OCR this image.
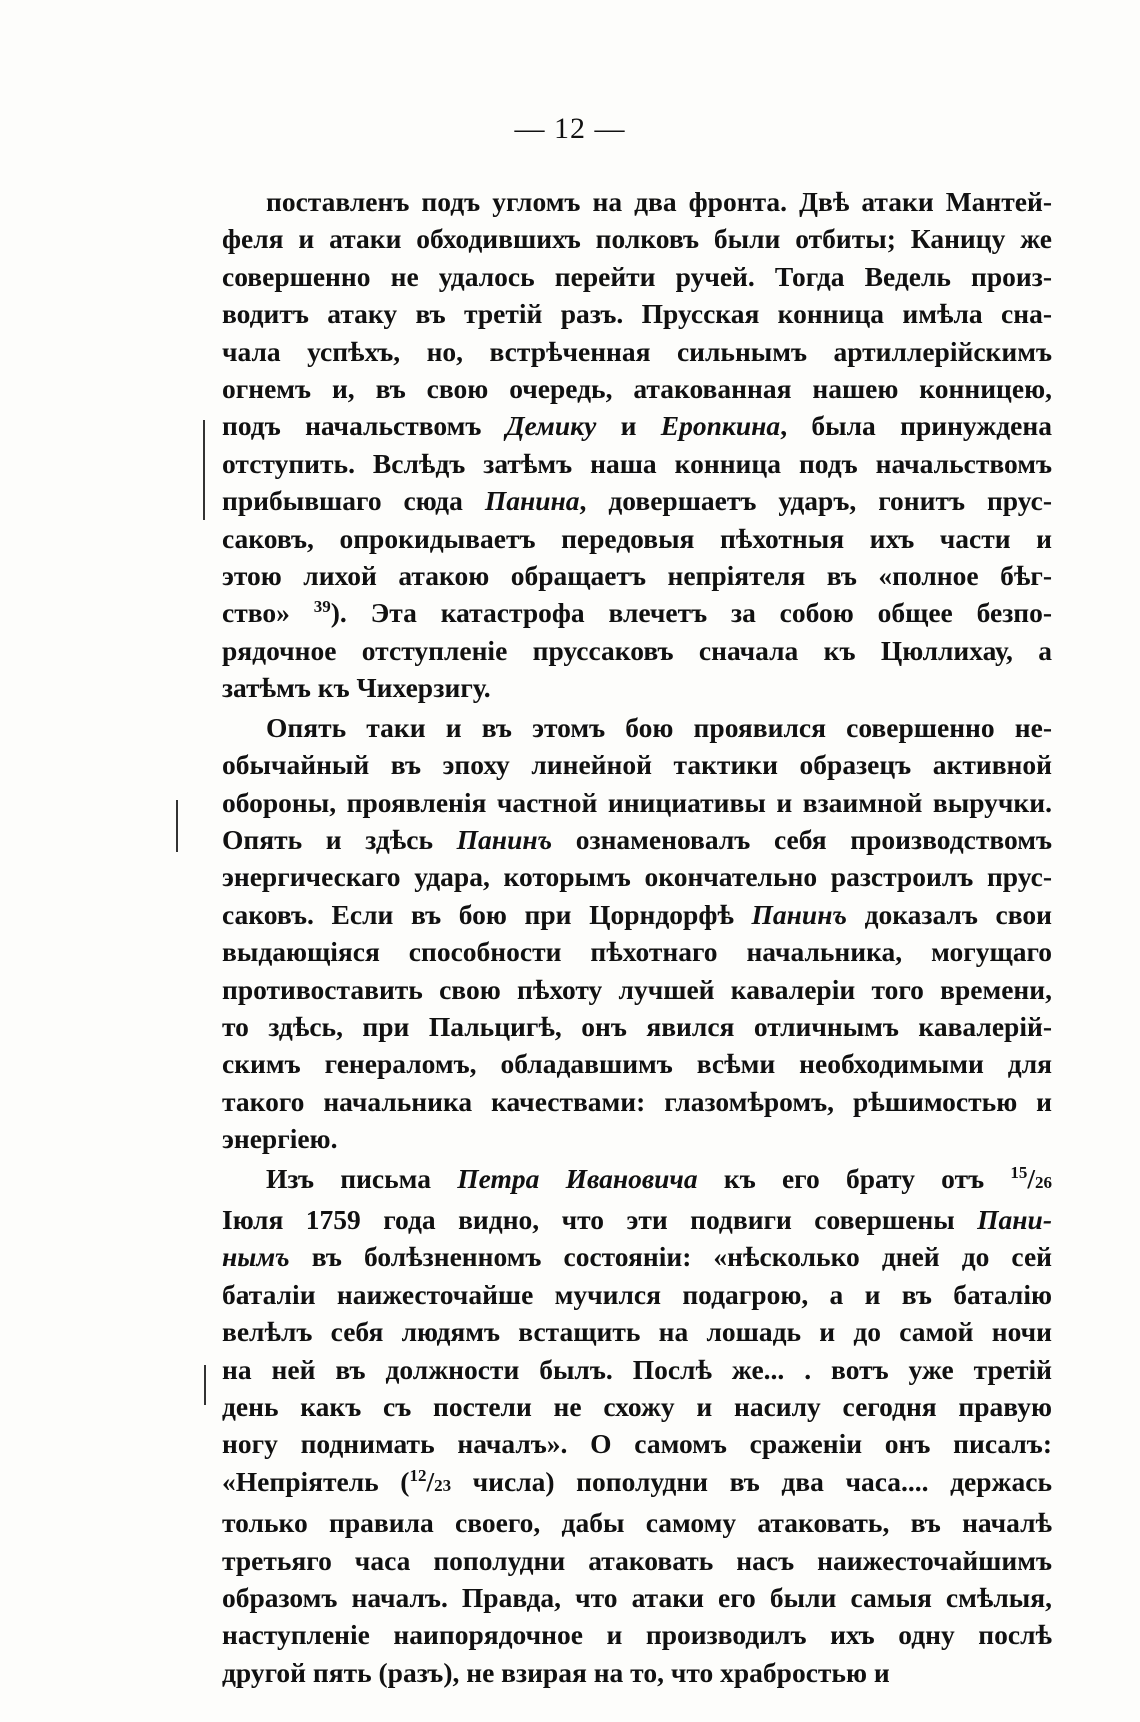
— 12 —
поставленъ подъ угломъ на два фронта. Двѣ атаки Мантей-
феля и атаки обходившихъ полковъ были отбиты; Каницу же
совершенно не удалось перейти ручей. Тогда Ведель произ-
водитъ атаку въ третій разъ. Прусская конница имѣла сна-
чала успѣхъ, но, встрѣченная сильнымъ артиллерійскимъ
огнемъ и, въ свою очередь, атакованная нашею конницею,
подъ начальствомъ Демику и Еропкина, была принуждена
отступить. Вслѣдъ затѣмъ наша конница подъ начальствомъ
прибывшаго сюда Панина, довершаетъ ударъ, гонитъ прус-
саковъ, опрокидываетъ передовыя пѣхотныя ихъ части и
этою лихой атакою обращаетъ непріятеля въ «полное бѣг-
ство» $^{39}$). Эта катастрофа влечетъ за собою общее безпо-
рядочное отступленіе пруссаковъ сначала къ Цюллихау, а
затѣмъ къ Чихерзигу.
Опять таки и въ этомъ бою проявился совершенно не-
обычайный въ эпоху линейной тактики образецъ активной
обороны, проявленія частной инициативы и взаимной выручки.
Опять и здѣсь Панинъ ознаменовалъ себя производствомъ
энергическаго удара, которымъ окончательно разстроилъ прус-
саковъ. Если въ бою при Цорндорфѣ Панинъ доказалъ свои
выдающіяся способности пѣхотнаго начальника, могущаго
противоставить свою пѣхоту лучшей кавалеріи того времени,
то здѣсь, при Пальцигѣ, онъ явился отличнымъ кавалерій-
скимъ генераломъ, обладавшимъ всѣми необходимыми для
такого начальника качествами: глазомѣромъ, рѣшимостью и
энергіею.
Изъ письма Петра Ивановича къ его брату отъ $^{15}$/26
Іюля 1759 года видно, что эти подвиги совершены Пани-
нымъ въ болѣзненномъ состояніи: «нѣсколько дней до сей
баталіи наижесточайше мучился подагрою, а и въ баталію
велѣлъ себя людямъ встащить на лошадь и до самой ночи
на ней въ должности былъ. Послѣ же... . вотъ уже третій
день какъ съ постели не схожу и насилу сегодня правую
ногу поднимать началъ». О самомъ сраженіи онъ писалъ:
«Непріятель ($^{12}$/23 числа) пополудни въ два часа.... держась
только правила своего, дабы самому атаковать, въ началѣ
третьяго часа пополудни атаковать насъ наижесточайшимъ
образомъ началъ. Правда, что атаки его были самыя смѣлыя,
наступленіе наипорядочное и производилъ ихъ одну послѣ
другой пять (разъ), не взирая на то, что храбростью и
